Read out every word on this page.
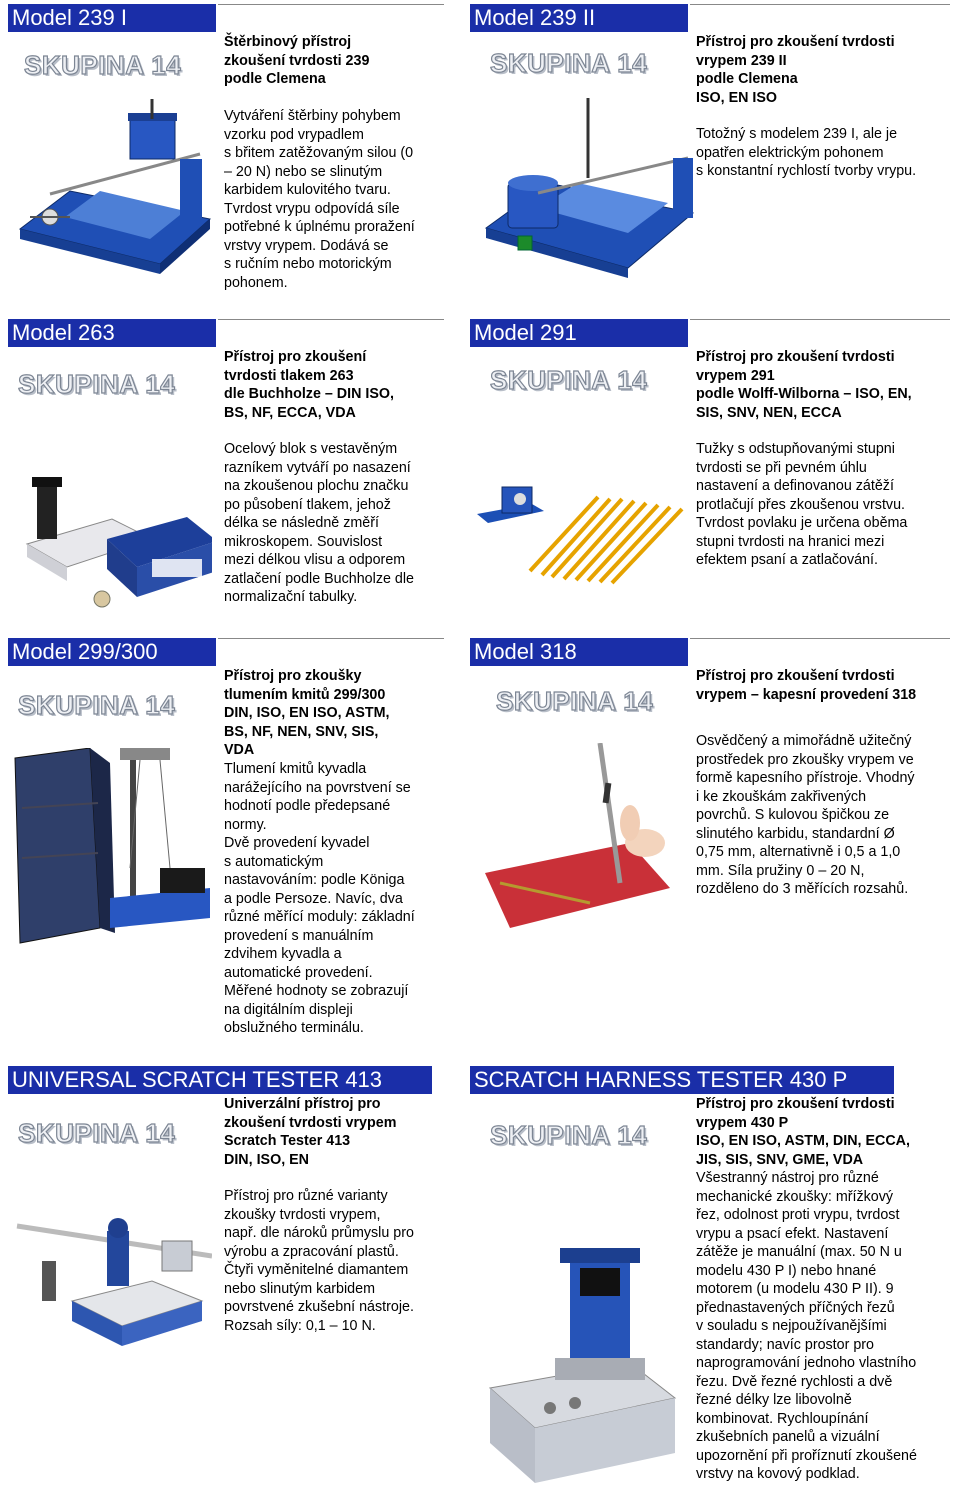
Model 239 I
SKUPINA 14
Štěrbinový přístroj
zkoušení tvrdosti 239
podle Clemena
Vytváření štěrbiny pohybem
vzorku pod vrypadlem
s břitem zatěžovaným silou (0
– 20 N) nebo se slinutým
karbidem kulovitého tvaru.
Tvrdost vrypu odpovídá síle
potřebné k úplnému proražení
vrstvy vrypem. Dodává se
s ručním nebo motorickým
pohonem.
Model 239 II
SKUPINA 14
Přístroj pro zkoušení tvrdosti
vrypem 239 II
podle Clemena
ISO, EN ISO
Totožný s modelem 239 I, ale je
opatřen elektrickým pohonem
s konstantní rychlostí tvorby vrypu.
Model 263
SKUPINA 14
Přístroj pro zkoušení
tvrdosti tlakem 263
dle Buchholze – DIN ISO,
BS, NF, ECCA, VDA
Ocelový blok s vestavěným
razníkem vytváří po nasazení
na zkoušenou plochu značku
po působení tlakem, jehož
délka se následně změří
mikroskopem. Souvislost
mezi délkou vlisu a odporem
zatlačení podle Buchholze dle
normalizační tabulky.
Model 291
SKUPINA 14
Přístroj pro zkoušení tvrdosti
vrypem 291
podle Wolff-Wilborna – ISO, EN,
SIS, SNV, NEN, ECCA
Tužky s odstupňovanými stupni
tvrdosti se při pevném úhlu
nastavení a definovanou zátěží
protlačují přes zkoušenou vrstvu.
Tvrdost povlaku je určena oběma
stupni tvrdosti na hranici mezi
efektem psaní a zatlačování.
Model 299/300
SKUPINA 14
Přístroj pro zkoušky
tlumením kmitů 299/300
DIN, ISO, EN ISO, ASTM,
BS, NF, NEN, SNV, SIS,
VDA
Tlumení kmitů kyvadla
narážejícího na povrstvení se
hodnotí podle předepsané
normy.
Dvě provedení kyvadel
s automatickým
nastavováním: podle Königa
a podle Persoze. Navíc, dva
různé měřící moduly: základní
provedení s manuálním
zdvihem kyvadla a
automatické provedení.
Měřené hodnoty se zobrazují
na digitálním displeji
obslužného terminálu.
Model 318
SKUPINA 14
Přístroj pro zkoušení tvrdosti
vrypem – kapesní provedení 318
Osvědčený a mimořádně užitečný
prostředek pro zkoušky vrypem ve
formě kapesního přístroje. Vhodný
i ke zkouškám zakřivených
povrchů. S kulovou špičkou ze
slinutého karbidu, standardní Ø
0,75 mm, alternativně i 0,5 a 1,0
mm. Síla pružiny 0 – 20 N,
rozděleno do 3 měřících rozsahů.
UNIVERSAL SCRATCH TESTER 413
SKUPINA 14
Univerzální přístroj pro
zkoušení tvrdosti vrypem
Scratch Tester 413
DIN, ISO, EN
Přístroj pro různé varianty
zkoušky tvrdosti vrypem,
např. dle nároků průmyslu pro
výrobu a zpracování plastů.
Čtyři vyměnitelné diamantem
nebo slinutým karbidem
povrstvené zkušební nástroje.
Rozsah síly: 0,1 – 10 N.
SCRATCH HARNESS TESTER 430 P
SKUPINA 14
Přístroj pro zkoušení tvrdosti
vrypem 430 P
ISO, EN ISO, ASTM, DIN, ECCA,
JIS, SIS, SNV, GME, VDA
Všestranný nástroj pro různé
mechanické zkoušky: mřížkový
řez, odolnost proti vrypu, tvrdost
vrypu a psací efekt. Nastavení
zátěže je manuální (max. 50 N u
modelu 430 P I) nebo hnané
motorem (u modelu 430 P II). 9
přednastavených příčných řezů
v souladu s nejpoužívanějšími
standardy; navíc prostor pro
naprogramování jednoho vlastního
řezu. Dvě řezné rychlosti a dvě
řezné délky lze libovolně
kombinovat. Rychloupínání
zkušebních panelů a vizuální
upozornění při proříznutí zkoušené
vrstvy na kovový podklad.
